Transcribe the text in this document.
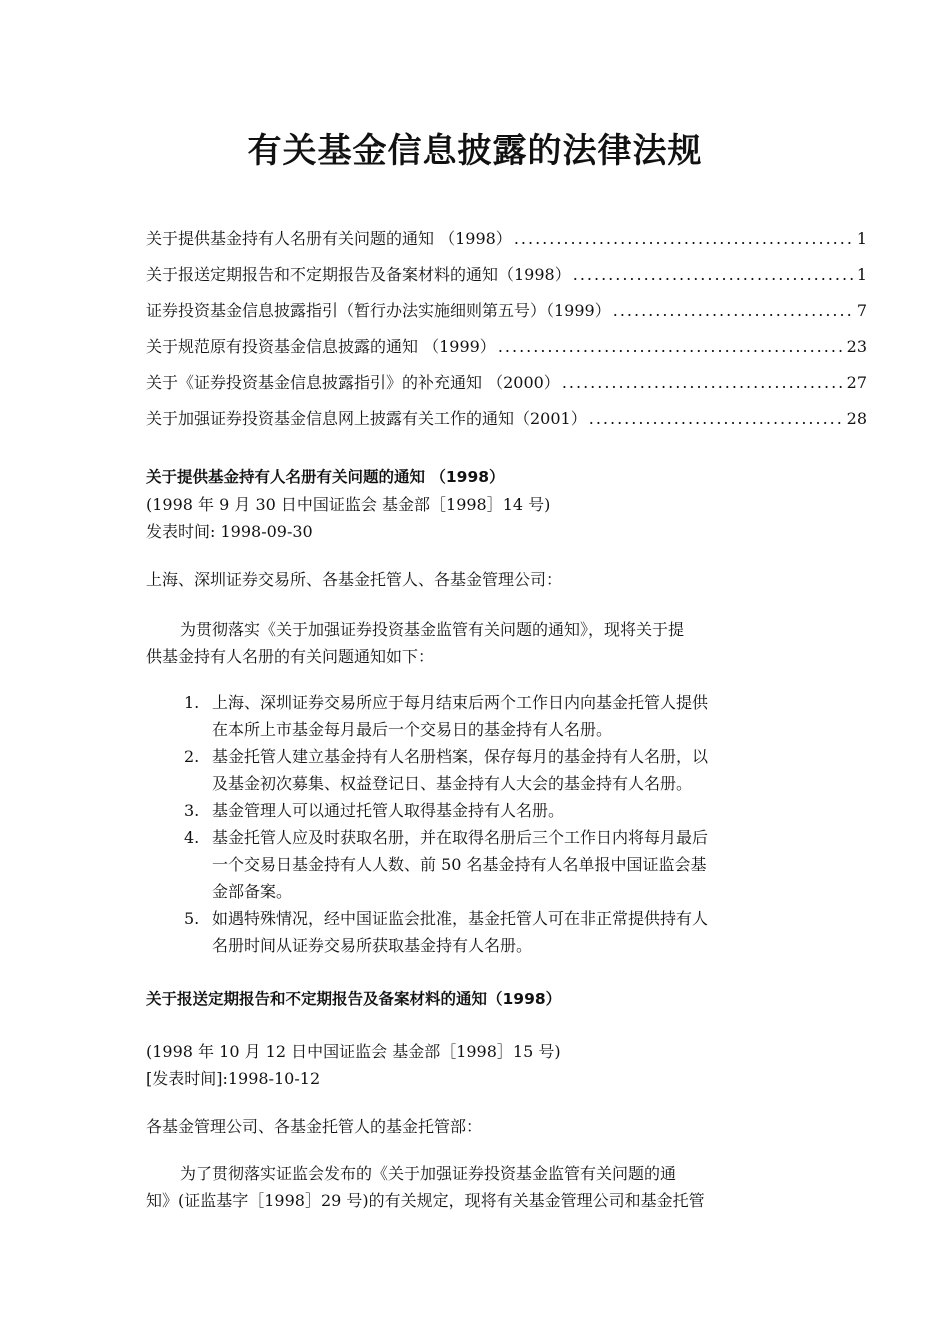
有关基金信息披露的法律法规
关于提供基金持有人名册有关问题的通知 （1998） .....	1
关于报送定期报告和不定期报告及备案材料的通知（1998） .....	1
证券投资基金信息披露指引（暂行办法实施细则第五号）（1999） .....	7
关于规范原有投资基金信息披露的通知 （1999） .....	23
关于《证券投资基金信息披露指引》的补充通知 （2000） .....	27
关于加强证券投资基金信息网上披露有关工作的通知（2001） .....	28
关于提供基金持有人名册有关问题的通知 （1998）
(1998 年 9 月 30 日中国证监会 基金部［1998］14 号)
发表时间: 1998-09-30
上海、深圳证券交易所、各基金托管人、各基金管理公司：
为贯彻落实《关于加强证券投资基金监管有关问题的通知》，现将关于提
供基金持有人名册的有关问题通知如下：
1. 上海、深圳证券交易所应于每月结束后两个工作日内向基金托管人提供
在本所上市基金每月最后一个交易日的基金持有人名册。
2. 基金托管人建立基金持有人名册档案，保存每月的基金持有人名册，以
及基金初次募集、权益登记日、基金持有人大会的基金持有人名册。
3. 基金管理人可以通过托管人取得基金持有人名册。
4. 基金托管人应及时获取名册，并在取得名册后三个工作日内将每月最后
一个交易日基金持有人人数、前 50 名基金持有人名单报中国证监会基
金部备案。
5. 如遇特殊情况，经中国证监会批准，基金托管人可在非正常提供持有人
名册时间从证券交易所获取基金持有人名册。
关于报送定期报告和不定期报告及备案材料的通知（1998）
(1998 年 10 月 12 日中国证监会 基金部［1998］15 号)
[发表时间]:1998-10-12
各基金管理公司、各基金托管人的基金托管部：
为了贯彻落实证监会发布的《关于加强证券投资基金监管有关问题的通
知》(证监基字［1998］29 号)的有关规定，现将有关基金管理公司和基金托管
